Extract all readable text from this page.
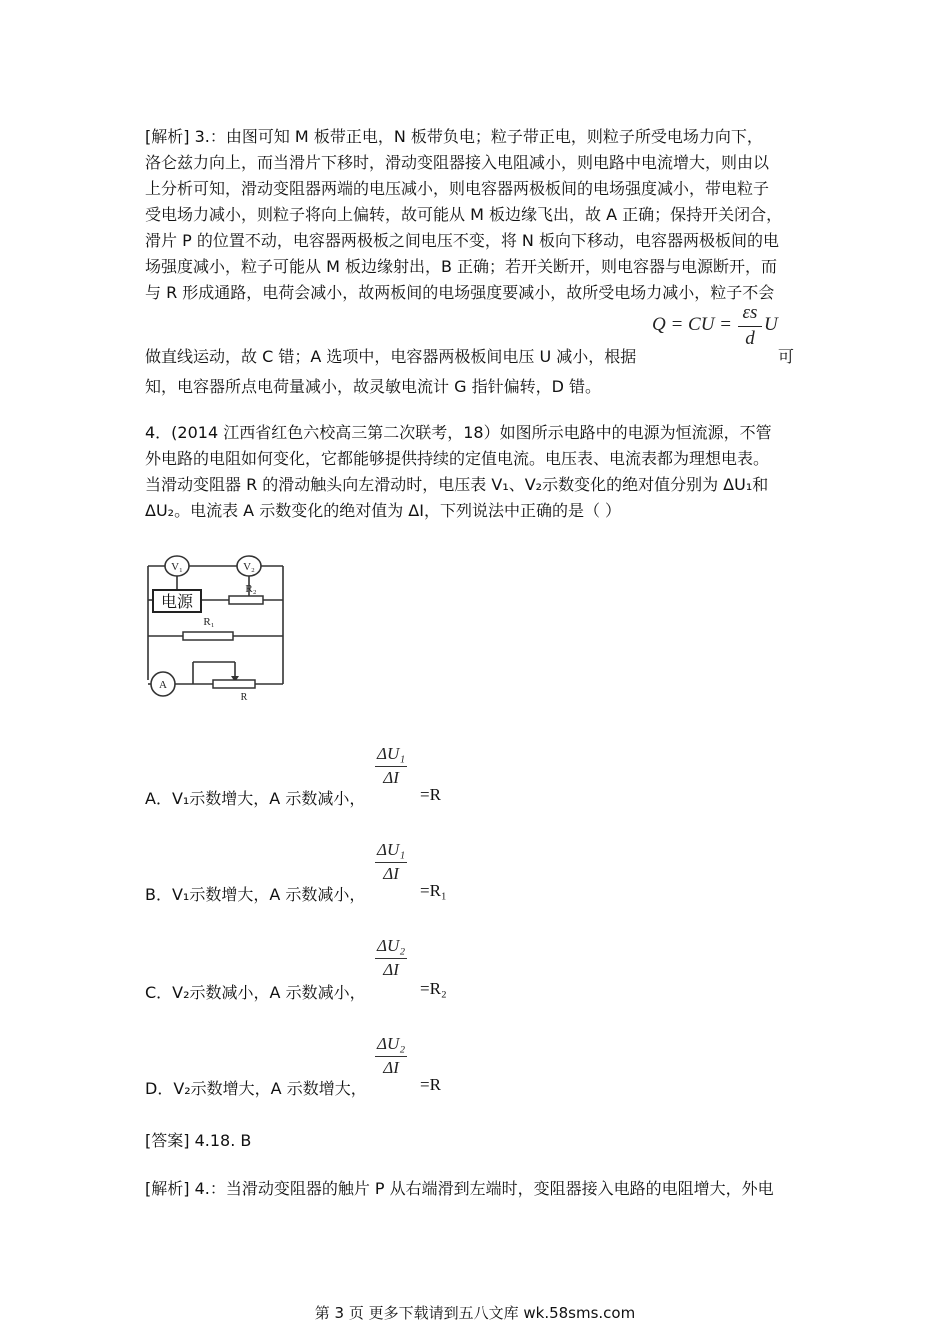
[解析] 3.：由图可知 M 板带正电，N 板带负电；粒子带正电，则粒子所受电场力向下，
洛仑兹力向上，而当滑片下移时，滑动变阻器接入电阻减小，则电路中电流增大，则由以
上分析可知，滑动变阻器两端的电压减小，则电容器两极板间的电场强度减小，带电粒子
受电场力减小，则粒子将向上偏转，故可能从 M 板边缘飞出，故 A 正确；保持开关闭合，
滑片 P 的位置不动，电容器两极板之间电压不变，将 N 板向下移动，电容器两极板间的电
场强度减小，粒子可能从 M 板边缘射出，B 正确；若开关断开，则电容器与电源断开，而
与 R 形成通路，电荷会减小，故两板间的电场强度要减小，故所受电场力减小，粒子不会
Q = CU =
εs
d
U
做直线运动，故 C 错；A 选项中，电容器两极板间电压 U 减小，根据	可
知，电容器所点电荷量减小，故灵敏电流计 G 指针偏转，D 错。
4．(2014 江西省红色六校高三第二次联考，18）如图所示电路中的电源为恒流源，不管
外电路的电阻如何变化，它都能够提供持续的定值电流。电压表、电流表都为理想电表。
当滑动变阻器 R 的滑动触头向左滑动时，电压表 V₁、V₂示数变化的绝对值分别为 ΔU₁和
ΔU₂。电流表 A 示数变化的绝对值为 ΔI，下列说法中正确的是（ ）
V₁	V₂
电源
R₂
R₁
A
R
$\frac{\text{ΔU₁}}{\Delta I}$
A．V₁示数增大，A 示数减小，	=R
$\frac{\text{ΔU₁}}{\Delta I}$
B．V₁示数增大，A 示数减小，	=R₁
$\frac{\text{ΔU₂}}{\Delta I}$
C．V₂示数减小，A 示数减小，	=R₂
$\frac{\text{ΔU₂}}{\Delta I}$
D．V₂示数增大，A 示数增大，	=R
[答案] 4.18. B
[解析] 4.：当滑动变阻器的触片 P 从右端滑到左端时，变阻器接入电路的电阻增大，外电
第 3 页 更多下载请到五八文库 wk.58sms.com
